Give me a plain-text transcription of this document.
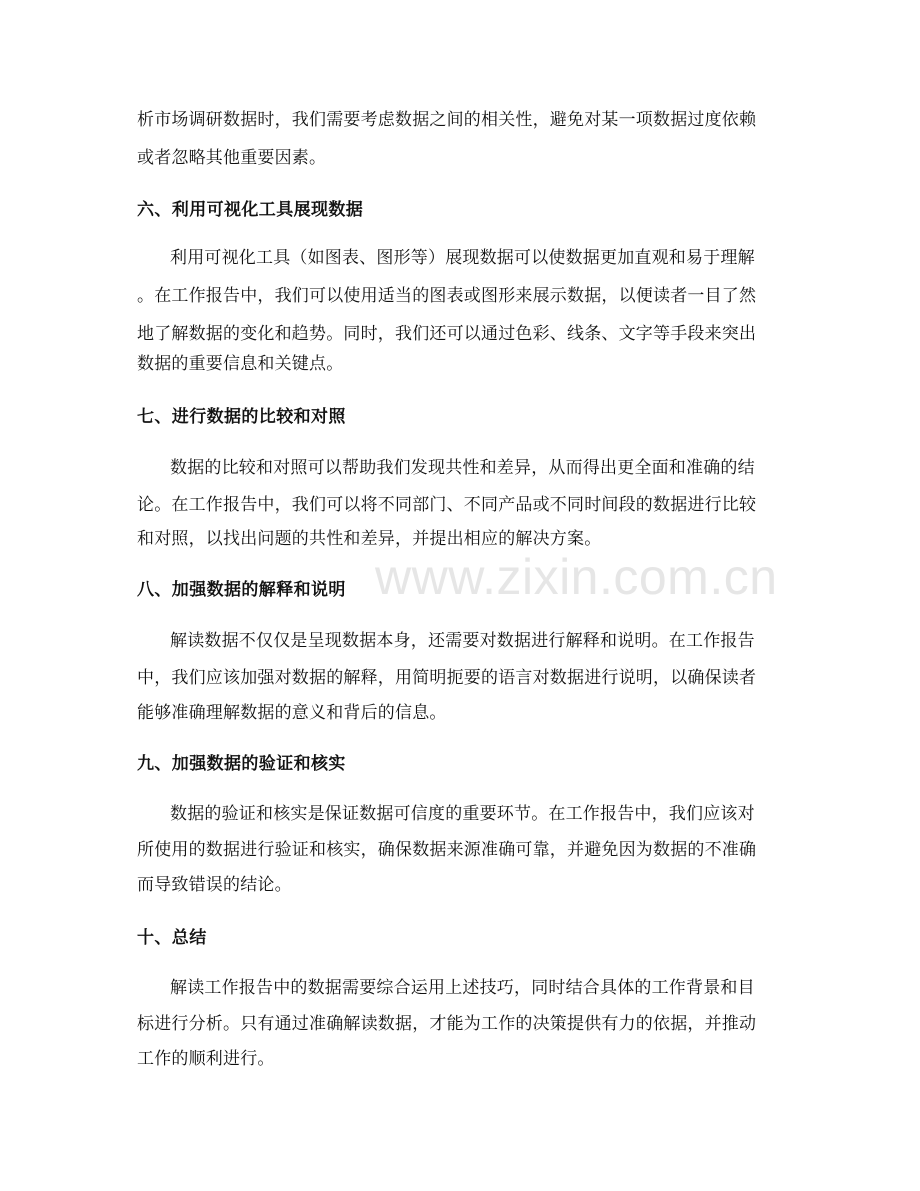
析市场调研数据时，我们需要考虑数据之间的相关性，避免对某一项数据过度依赖
或者忽略其他重要因素。
六、利用可视化工具展现数据
利用可视化工具（如图表、图形等）展现数据可以使数据更加直观和易于理解
。在工作报告中，我们可以使用适当的图表或图形来展示数据，以便读者一目了然
地了解数据的变化和趋势。同时，我们还可以通过色彩、线条、文字等手段来突出
数据的重要信息和关键点。
七、进行数据的比较和对照
数据的比较和对照可以帮助我们发现共性和差异，从而得出更全面和准确的结
论。在工作报告中，我们可以将不同部门、不同产品或不同时间段的数据进行比较
和对照，以找出问题的共性和差异，并提出相应的解决方案。
八、加强数据的解释和说明
解读数据不仅仅是呈现数据本身，还需要对数据进行解释和说明。在工作报告
中，我们应该加强对数据的解释，用简明扼要的语言对数据进行说明，以确保读者
能够准确理解数据的意义和背后的信息。
九、加强数据的验证和核实
数据的验证和核实是保证数据可信度的重要环节。在工作报告中，我们应该对
所使用的数据进行验证和核实，确保数据来源准确可靠，并避免因为数据的不准确
而导致错误的结论。
十、总结
解读工作报告中的数据需要综合运用上述技巧，同时结合具体的工作背景和目
标进行分析。只有通过准确解读数据，才能为工作的决策提供有力的依据，并推动
工作的顺利进行。
www.zixin.com.cn
